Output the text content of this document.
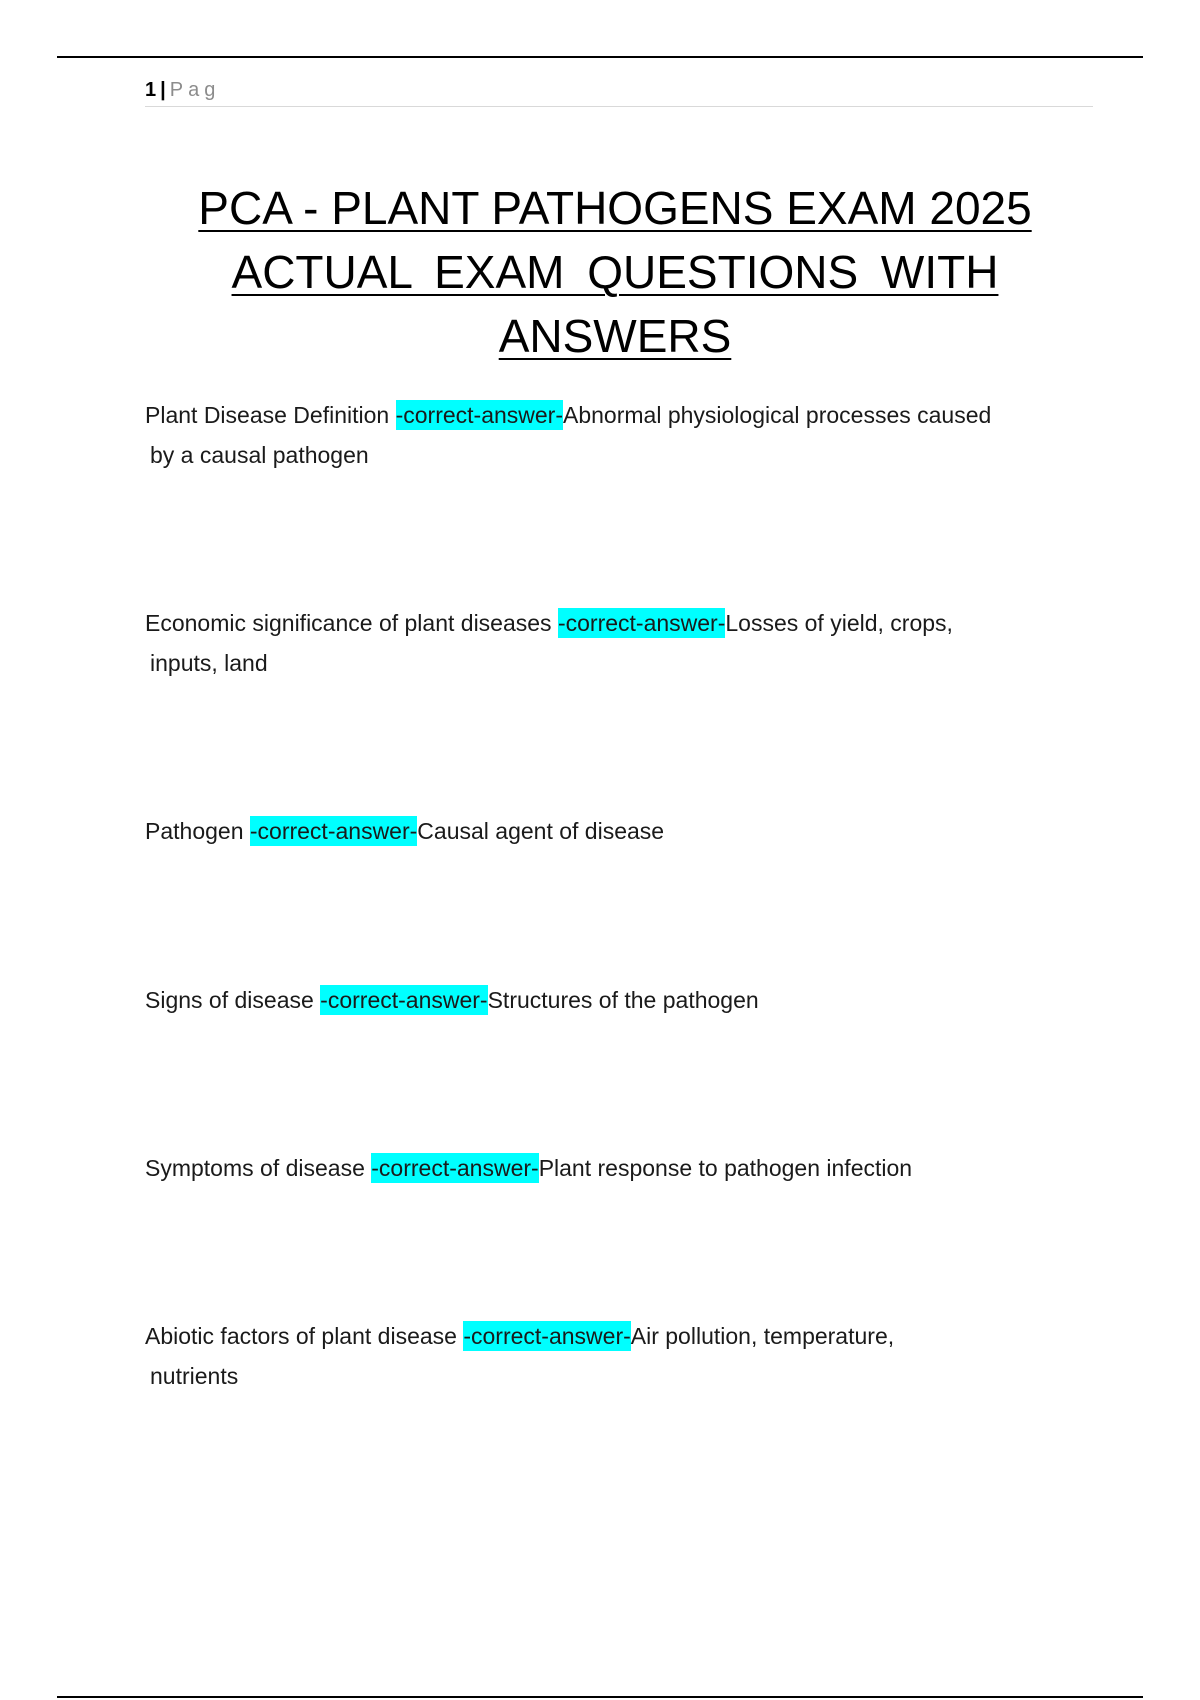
1 | Pag
PCA - PLANT PATHOGENS EXAM 2025
ACTUAL EXAM QUESTIONS WITH ANSWERS

Plant Disease Definition -correct-answer-Abnormal physiological processes caused
by a causal pathogen

Economic significance of plant diseases -correct-answer-Losses of yield, crops,
inputs, land

Pathogen -correct-answer-Causal agent of disease

Signs of disease -correct-answer-Structures of the pathogen

Symptoms of disease -correct-answer-Plant response to pathogen infection

Abiotic factors of plant disease -correct-answer-Air pollution, temperature,
nutrients
